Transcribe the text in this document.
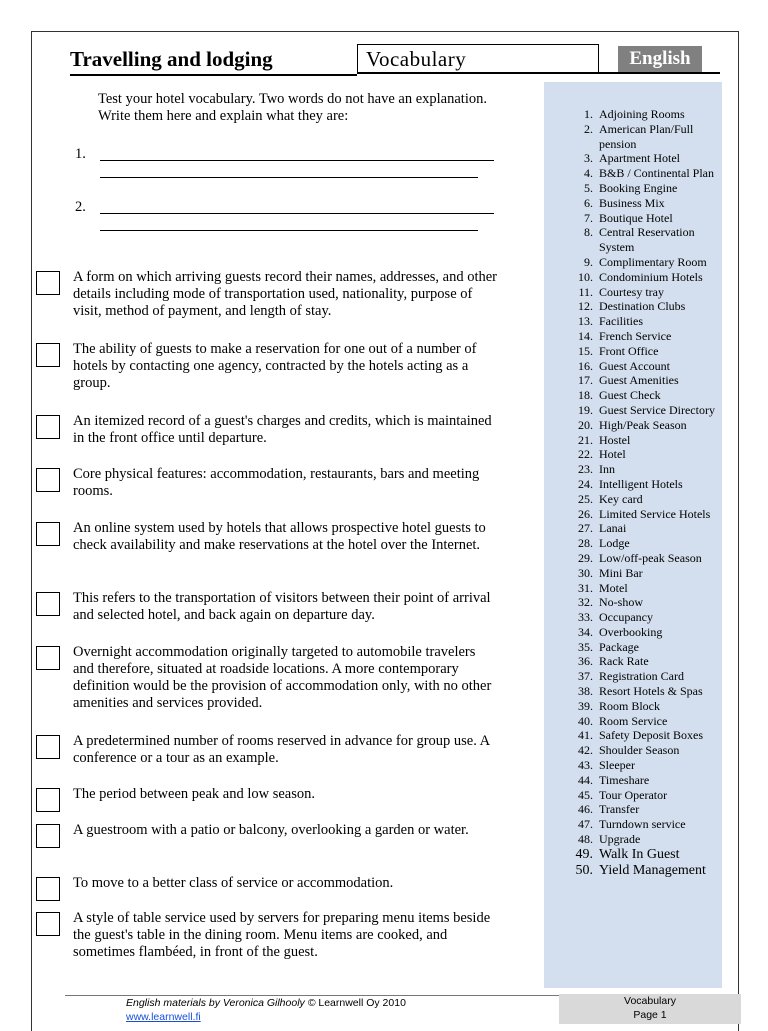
Travelling and lodging	Vocabulary	English
Test your hotel vocabulary. Two words do not have an explanation. Write them here and explain what they are:
1.
2.
A form on which arriving guests record their names, addresses, and other details including mode of transportation used, nationality, purpose of visit, method of payment, and length of stay.
The ability of guests to make a reservation for one out of a number of hotels by contacting one agency, contracted by the hotels acting as a group.
An itemized record of a guest's charges and credits, which is maintained in the front office until departure.
Core physical features: accommodation, restaurants, bars and meeting rooms.
An online system used by hotels that allows prospective hotel guests to check availability and make reservations at the hotel over the Internet.
This refers to the transportation of visitors between their point of arrival and selected hotel, and back again on departure day.
Overnight accommodation originally targeted to automobile travelers and therefore, situated at roadside locations. A more contemporary definition would be the provision of accommodation only, with no other amenities and services provided.
A predetermined number of rooms reserved in advance for group use. A conference or a tour as an example.
The period between peak and low season.
A guestroom with a patio or balcony, overlooking a garden or water.
To move to a better class of service or accommodation.
A style of table service used by servers for preparing menu items beside the guest's table in the dining room. Menu items are cooked, and sometimes flambéed, in front of the guest.
1. Adjoining Rooms
2. American Plan/Full pension
3. Apartment Hotel
4. B&B / Continental Plan
5. Booking Engine
6. Business Mix
7. Boutique Hotel
8. Central Reservation System
9. Complimentary Room
10. Condominium Hotels
11. Courtesy tray
12. Destination Clubs
13. Facilities
14. French Service
15. Front Office
16. Guest Account
17. Guest Amenities
18. Guest Check
19. Guest Service Directory
20. High/Peak Season
21. Hostel
22. Hotel
23. Inn
24. Intelligent Hotels
25. Key card
26. Limited Service Hotels
27. Lanai
28. Lodge
29. Low/off-peak Season
30. Mini Bar
31. Motel
32. No-show
33. Occupancy
34. Overbooking
35. Package
36. Rack Rate
37. Registration Card
38. Resort Hotels & Spas
39. Room Block
40. Room Service
41. Safety Deposit Boxes
42. Shoulder Season
43. Sleeper
44. Timeshare
45. Tour Operator
46. Transfer
47. Turndown service
48. Upgrade
49. Walk In Guest
50. Yield Management
English materials by Veronica Gilhooly © Learnwell Oy 2010
www.learnwell.fi
Vocabulary
Page 1
